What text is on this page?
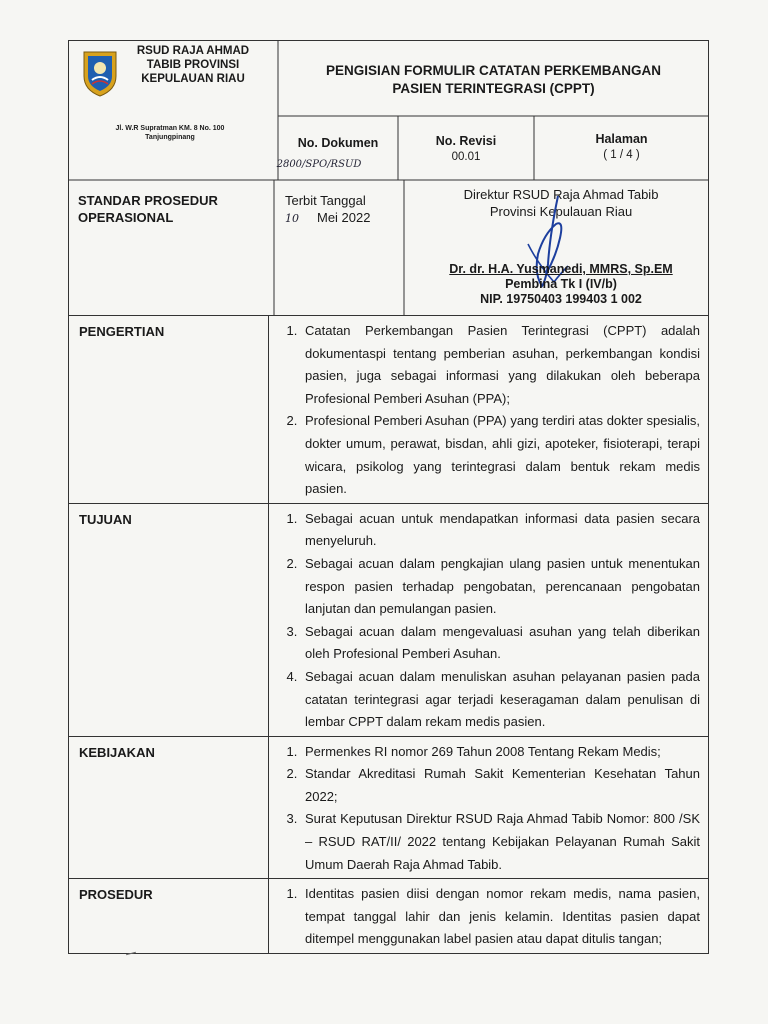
RSUD RAJA AHMAD
TABIB PROVINSI
KEPULAUAN RIAU
Jl. W.R Supratman KM. 8 No. 100
Tanjungpinang
PENGISIAN FORMULIR CATATAN PERKEMBANGAN
PASIEN TERINTEGRASI (CPPT)
No. Dokumen
2800/SPO/RSUD
No. Revisi
00.01
Halaman
( 1 / 4 )
STANDAR PROSEDUR
OPERASIONAL
Terbit Tanggal
10 Mei 2022
Direktur RSUD Raja Ahmad Tabib
Provinsi Kepulauan Riau
Dr. dr. H.A. Yusmanedi, MMRS, Sp.EM
Pembina Tk I (IV/b)
NIP. 19750403 199403 1 002
PENGERTIAN	1. Catatan Perkembangan Pasien Terintegrasi (CPPT) adalah dokumentaspi tentang pemberian asuhan, perkembangan kondisi pasien, juga sebagai informasi yang dilakukan oleh beberapa Profesional Pemberi Asuhan (PPA);
2. Profesional Pemberi Asuhan (PPA) yang terdiri atas dokter spesialis, dokter umum, perawat, bisdan, ahli gizi, apoteker, fisioterapi, terapi wicara, psikolog yang terintegrasi dalam bentuk rekam medis pasien.
TUJUAN	1. Sebagai acuan untuk mendapatkan informasi data pasien secara menyeluruh.
2. Sebagai acuan dalam pengkajian ulang pasien untuk menentukan respon pasien terhadap pengobatan, perencanaan pengobatan lanjutan dan pemulangan pasien.
3. Sebagai acuan dalam mengevaluasi asuhan yang telah diberikan oleh Profesional Pemberi Asuhan.
4. Sebagai acuan dalam menuliskan asuhan pelayanan pasien pada catatan terintegrasi agar terjadi keseragaman dalam penulisan di lembar CPPT dalam rekam medis pasien.
KEBIJAKAN	1. Permenkes RI nomor 269 Tahun 2008 Tentang Rekam Medis;
2. Standar Akreditasi Rumah Sakit Kementerian Kesehatan Tahun 2022;
3. Surat Keputusan Direktur RSUD Raja Ahmad Tabib Nomor: 800 /SK – RSUD RAT/II/ 2022 tentang Kebijakan Pelayanan Rumah Sakit Umum Daerah Raja Ahmad Tabib.
PROSEDUR	1. Identitas pasien diisi dengan nomor rekam medis, nama pasien, tempat tanggal lahir dan jenis kelamin. Identitas pasien dapat ditempel menggunakan label pasien atau dapat ditulis tangan;
